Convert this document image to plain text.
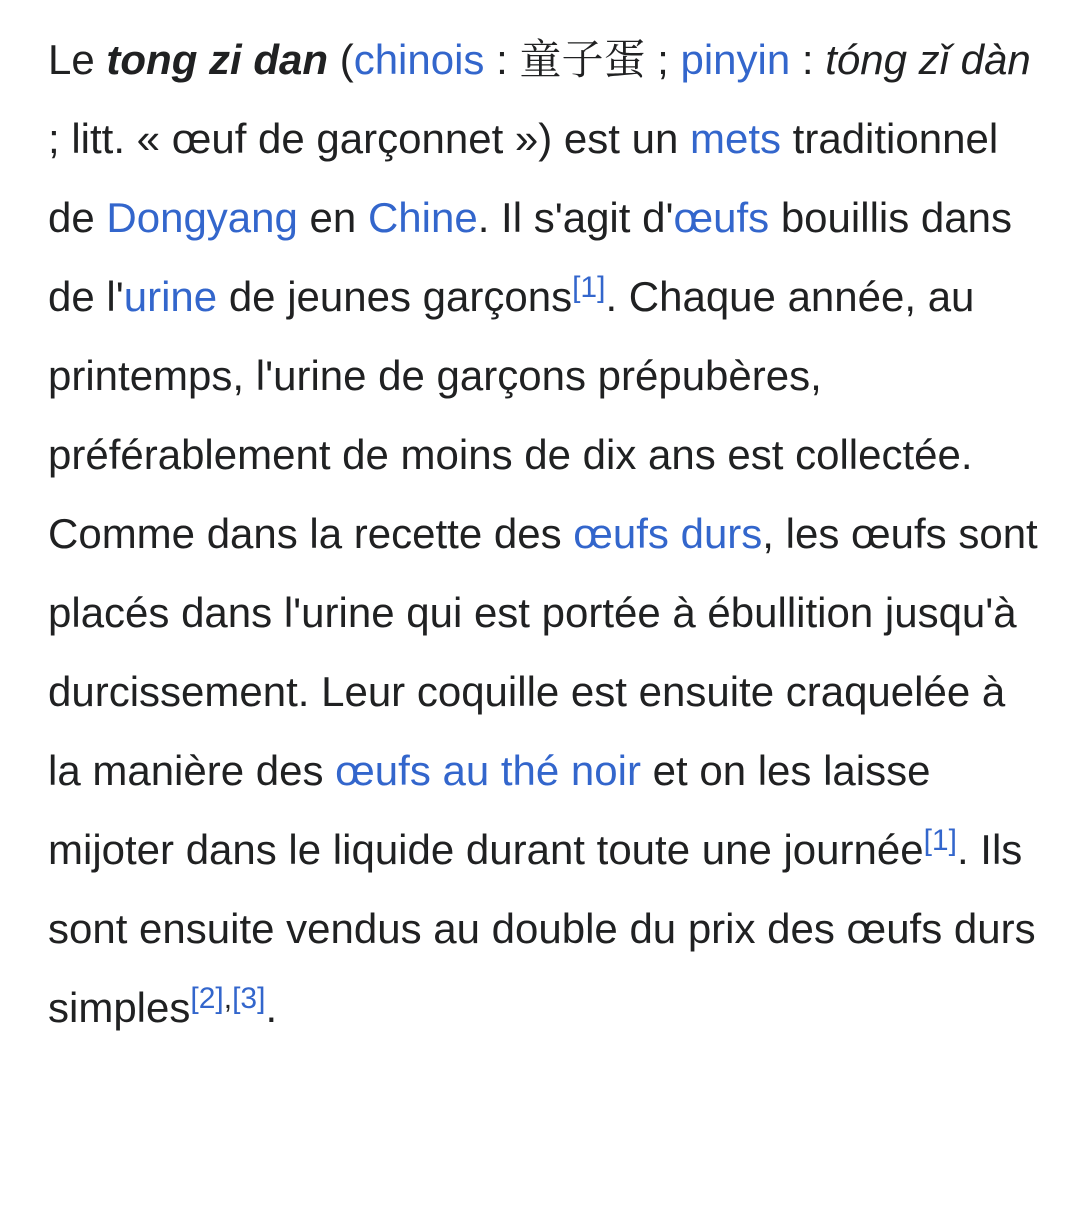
Le tong zi dan (chinois : 童子蛋 ; pinyin : tóng zǐ dàn ; litt. « œuf de garçonnet ») est un mets traditionnel de Dongyang en Chine. Il s'agit d'œufs bouillis dans de l'urine de jeunes garçons[1]. Chaque année, au printemps, l'urine de garçons prépubères, préférablement de moins de dix ans est collectée. Comme dans la recette des œufs durs, les œufs sont placés dans l'urine qui est portée à ébullition jusqu'à durcissement. Leur coquille est ensuite craquelée à la manière des œufs au thé noir et on les laisse mijoter dans le liquide durant toute une journée[1]. Ils sont ensuite vendus au double du prix des œufs durs simples[2],[3].
